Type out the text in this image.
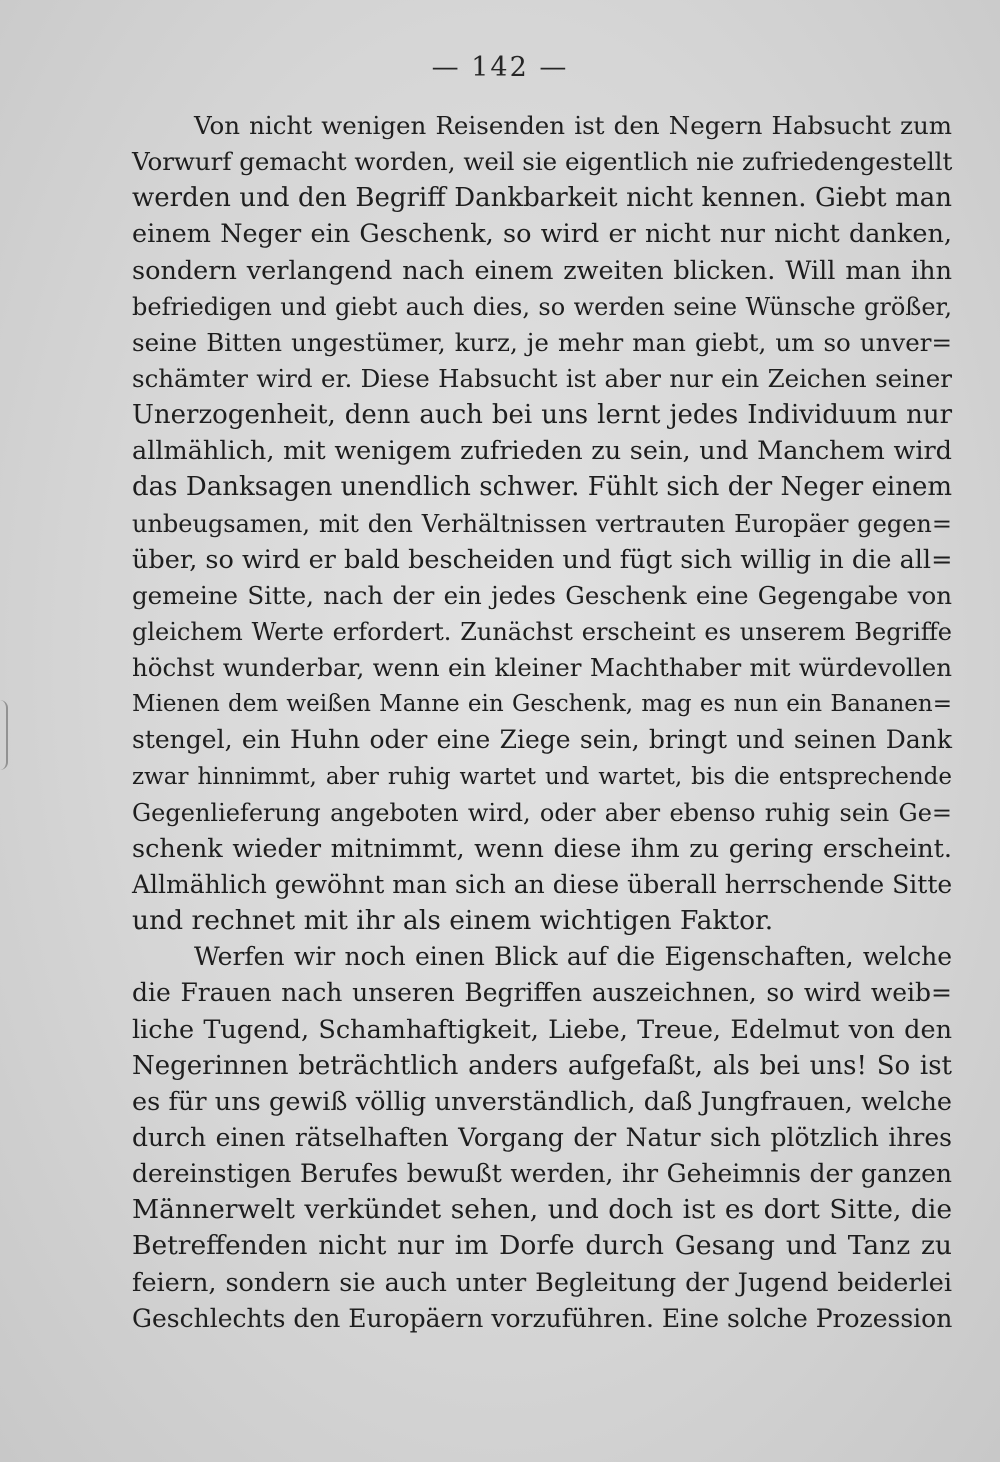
— 142 —
Von nicht wenigen Reisenden ist den Negern Habsucht zum
Vorwurf gemacht worden, weil sie eigentlich nie zufriedengestellt
werden und den Begriff Dankbarkeit nicht kennen. Giebt man
einem Neger ein Geschenk, so wird er nicht nur nicht danken,
sondern verlangend nach einem zweiten blicken. Will man ihn
befriedigen und giebt auch dies, so werden seine Wünsche größer,
seine Bitten ungestümer, kurz, je mehr man giebt, um so unver=
schämter wird er. Diese Habsucht ist aber nur ein Zeichen seiner
Unerzogenheit, denn auch bei uns lernt jedes Individuum nur
allmählich, mit wenigem zufrieden zu sein, und Manchem wird
das Danksagen unendlich schwer. Fühlt sich der Neger einem
unbeugsamen, mit den Verhältnissen vertrauten Europäer gegen=
über, so wird er bald bescheiden und fügt sich willig in die all=
gemeine Sitte, nach der ein jedes Geschenk eine Gegengabe von
gleichem Werte erfordert. Zunächst erscheint es unserem Begriffe
höchst wunderbar, wenn ein kleiner Machthaber mit würdevollen
Mienen dem weißen Manne ein Geschenk, mag es nun ein Bananen=
stengel, ein Huhn oder eine Ziege sein, bringt und seinen Dank
zwar hinnimmt, aber ruhig wartet und wartet, bis die entsprechende
Gegenlieferung angeboten wird, oder aber ebenso ruhig sein Ge=
schenk wieder mitnimmt, wenn diese ihm zu gering erscheint.
Allmählich gewöhnt man sich an diese überall herrschende Sitte
und rechnet mit ihr als einem wichtigen Faktor.
Werfen wir noch einen Blick auf die Eigenschaften, welche
die Frauen nach unseren Begriffen auszeichnen, so wird weib=
liche Tugend, Schamhaftigkeit, Liebe, Treue, Edelmut von den
Negerinnen beträchtlich anders aufgefaßt, als bei uns! So ist
es für uns gewiß völlig unverständlich, daß Jungfrauen, welche
durch einen rätselhaften Vorgang der Natur sich plötzlich ihres
dereinstigen Berufes bewußt werden, ihr Geheimnis der ganzen
Männerwelt verkündet sehen, und doch ist es dort Sitte, die
Betreffenden nicht nur im Dorfe durch Gesang und Tanz zu
feiern, sondern sie auch unter Begleitung der Jugend beiderlei
Geschlechts den Europäern vorzuführen. Eine solche Prozession
